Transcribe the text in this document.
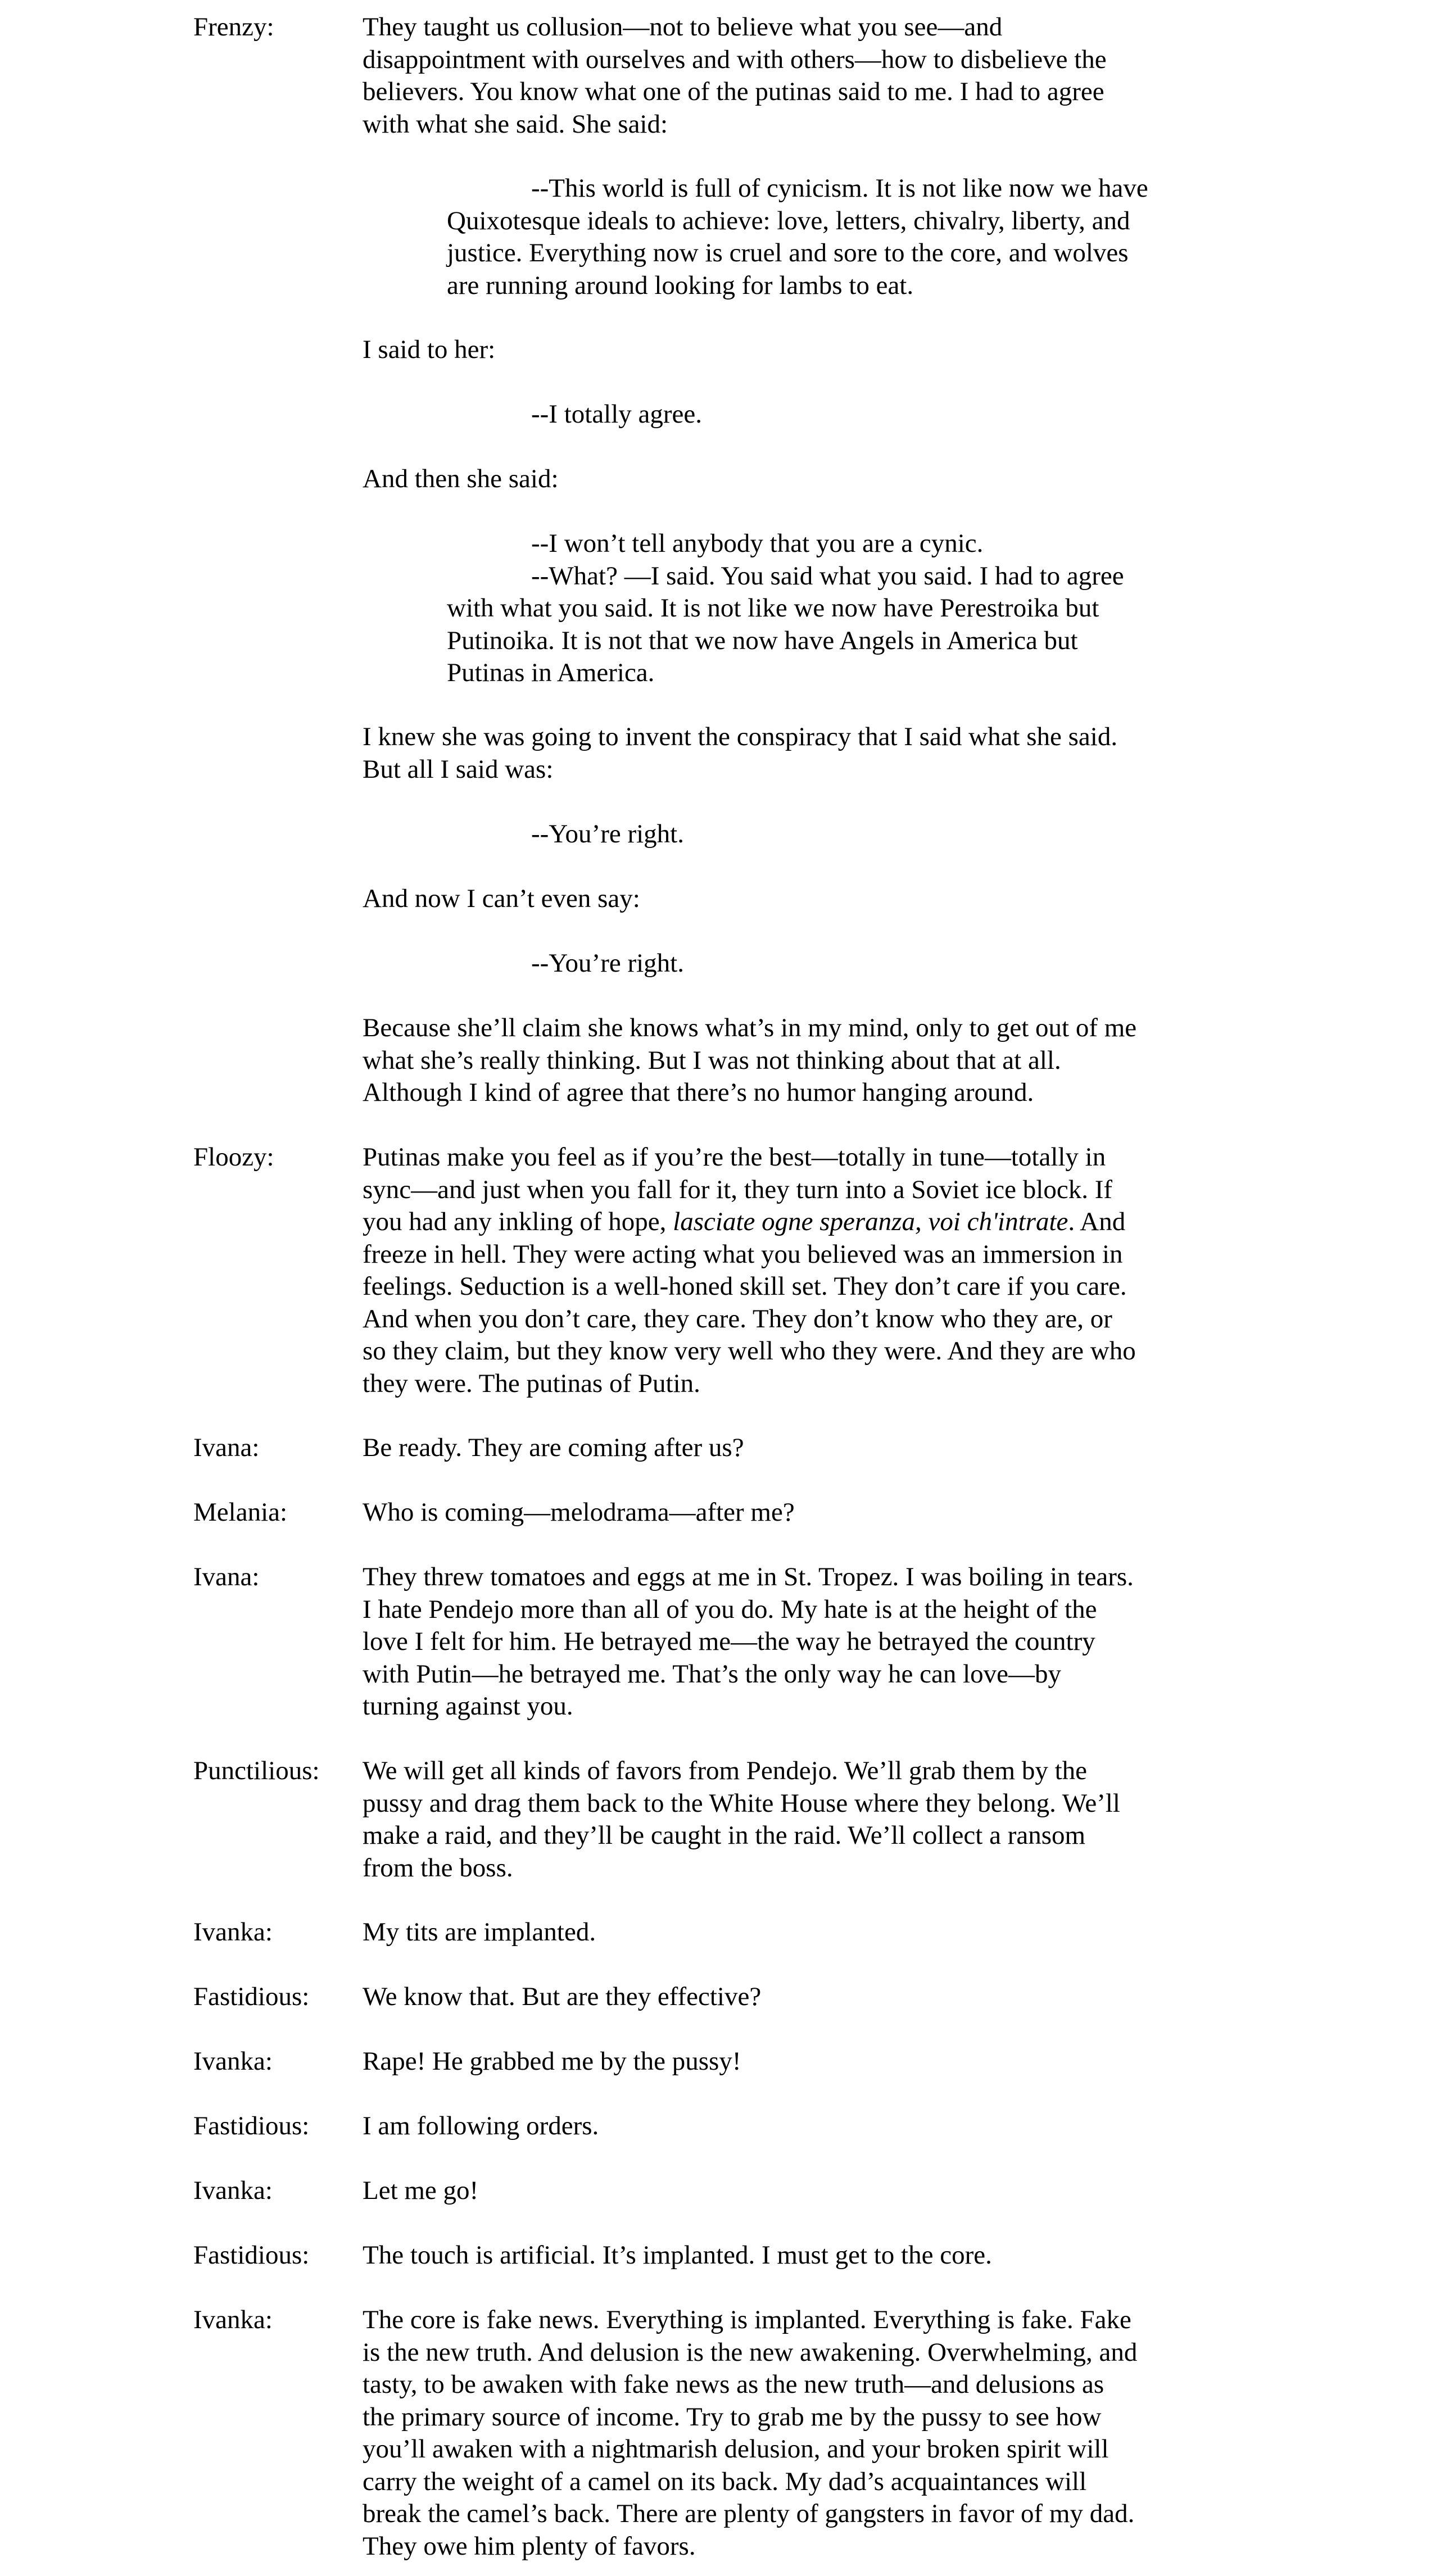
Frenzy:	They taught us collusion—not to believe what you see—and
disappointment with ourselves and with others—how to disbelieve the
believers. You know what one of the putinas said to me. I had to agree
with what she said. She said:
--This world is full of cynicism. It is not like now we have
Quixotesque ideals to achieve: love, letters, chivalry, liberty, and
justice. Everything now is cruel and sore to the core, and wolves
are running around looking for lambs to eat.
I said to her:
--I totally agree.
And then she said:
--I won’t tell anybody that you are a cynic.
--What? —I said. You said what you said. I had to agree
with what you said. It is not like we now have Perestroika but
Putinoika. It is not that we now have Angels in America but
Putinas in America.
I knew she was going to invent the conspiracy that I said what she said.
But all I said was:
--You’re right.
And now I can’t even say:
--You’re right.
Because she’ll claim she knows what’s in my mind, only to get out of me
what she’s really thinking. But I was not thinking about that at all.
Although I kind of agree that there’s no humor hanging around.
Floozy:	Putinas make you feel as if you’re the best—totally in tune—totally in
sync—and just when you fall for it, they turn into a Soviet ice block. If
you had any inkling of hope, lasciate ogne speranza, voi ch'intrate. And
freeze in hell. They were acting what you believed was an immersion in
feelings. Seduction is a well-honed skill set. They don’t care if you care.
And when you don’t care, they care. They don’t know who they are, or
so they claim, but they know very well who they were. And they are who
they were. The putinas of Putin.
Ivana:	Be ready. They are coming after us?
Melania:	Who is coming—melodrama—after me?
Ivana:	They threw tomatoes and eggs at me in St. Tropez. I was boiling in tears.
I hate Pendejo more than all of you do. My hate is at the height of the
love I felt for him. He betrayed me—the way he betrayed the country
with Putin—he betrayed me. That’s the only way he can love—by
turning against you.
Punctilious: We will get all kinds of favors from Pendejo. We’ll grab them by the
pussy and drag them back to the White House where they belong. We’ll
make a raid, and they’ll be caught in the raid. We’ll collect a ransom
from the boss.
Ivanka:	My tits are implanted.
Fastidious: We know that. But are they effective?
Ivanka:	Rape! He grabbed me by the pussy!
Fastidious: I am following orders.
Ivanka:	Let me go!
Fastidious: The touch is artificial. It’s implanted. I must get to the core.
Ivanka:	The core is fake news. Everything is implanted. Everything is fake. Fake
is the new truth. And delusion is the new awakening. Overwhelming, and
tasty, to be awaken with fake news as the new truth—and delusions as
the primary source of income. Try to grab me by the pussy to see how
you’ll awaken with a nightmarish delusion, and your broken spirit will
carry the weight of a camel on its back. My dad’s acquaintances will
break the camel’s back. There are plenty of gangsters in favor of my dad.
They owe him plenty of favors.
